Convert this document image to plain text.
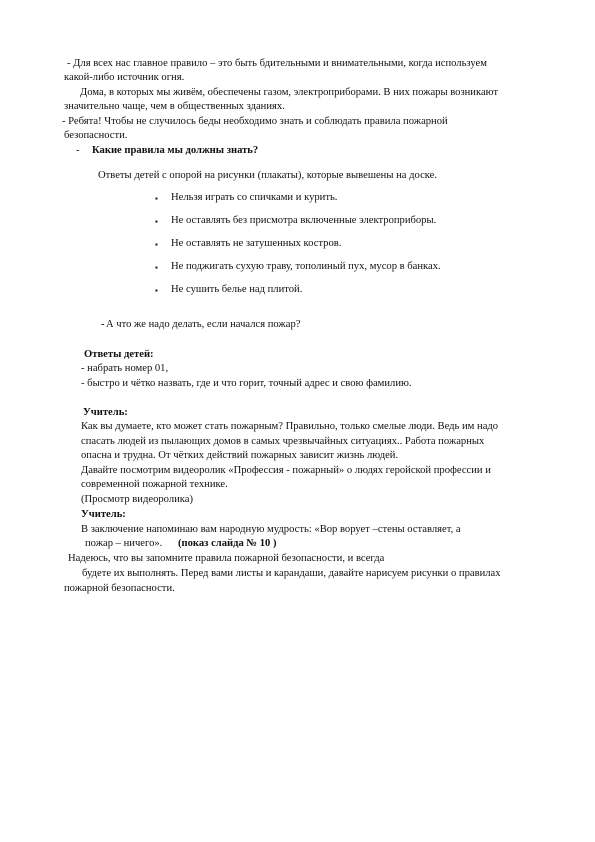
- Для всех нас главное правило – это быть бдительными и внимательными, когда используем
какой-либо источник огня.
Дома, в которых мы живём, обеспечены газом, электроприборами. В них пожары возникают
значительно чаще, чем в общественных зданиях.
- Ребята! Чтобы не случилось беды необходимо знать и соблюдать правила пожарной
безопасности.
- Какие правила мы должны знать?
Ответы детей с опорой на рисунки (плакаты), которые вывешены на доске.
▪ Нельзя играть со спичками и курить.
▪ Не оставлять без присмотра включенные электроприборы.
▪ Не оставлять не затушенных костров.
▪ Не поджигать сухую траву, тополиный пух, мусор в банках.
▪ Не сушить белье над плитой.
- А что же надо делать, если начался пожар?
Ответы детей:
- набрать номер 01,
- быстро и чётко назвать, где и что горит, точный адрес и свою фамилию.
Учитель:
Как вы думаете, кто может стать пожарным? Правильно, только смелые люди. Ведь им надо
спасать людей из пылающих домов в самых чрезвычайных ситуациях.. Работа пожарных
опасна и трудна. От чётких действий пожарных зависит жизнь людей.
Давайте посмотрим видеоролик «Профессия - пожарный» о людях геройской профессии и
современной пожарной технике.
(Просмотр видеоролика)
Учитель:
В заключение напоминаю вам народную мудрость: «Вор ворует –стены оставляет, а
пожар – ничего». (показ слайда № 10 )
Надеюсь, что вы запомните правила пожарной безопасности, и всегда
будете их выполнять. Перед вами листы и карандаши, давайте нарисуем рисунки о правилах
пожарной безопасности.
